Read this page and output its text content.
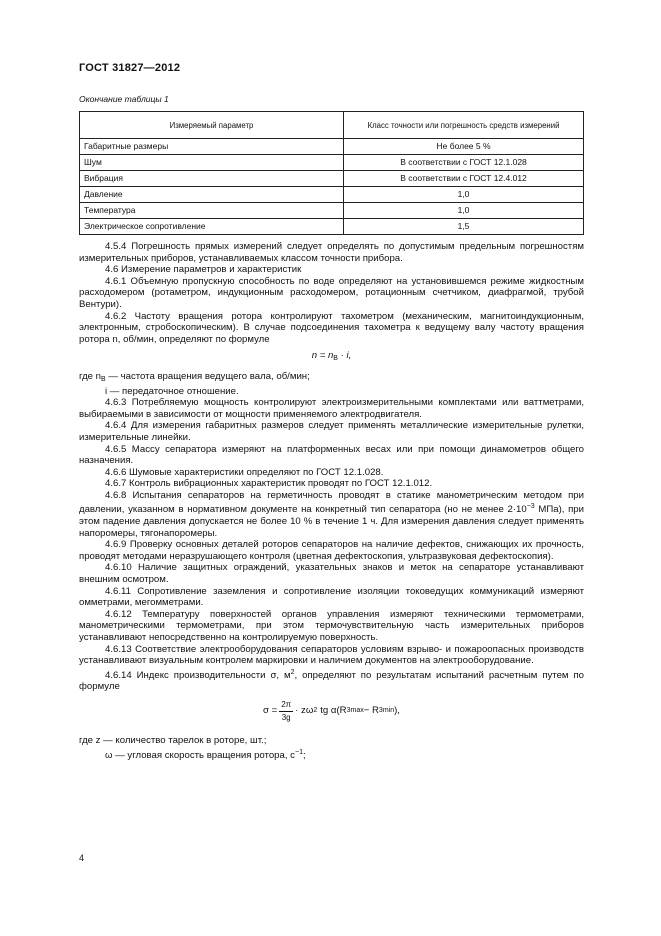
ГОСТ 31827—2012
Окончание таблицы 1
Измеряемый параметр	Класс точности или погрешность средств измерений
Габаритные размеры	Не более 5 %
Шум	В соответствии с ГОСТ 12.1.028
Вибрация	В соответствии с ГОСТ 12.4.012
Давление	1,0
Температура	1,0
Электрическое сопротивление	1,5

4.5.4 Погрешность прямых измерений следует определять по допустимым предельным погрешностям измерительных приборов, устанавливаемых классом точности прибора.

4.6 Измерение параметров и характеристик

4.6.1 Объемную пропускную способность по воде определяют на установившемся режиме жидкостным расходомером (ротаметром, индукционным расходомером, ротационным счетчиком, диафрагмой, трубой Вентури).

4.6.2 Частоту вращения ротора контролируют тахометром (механическим, магнитоиндукционным, электронным, стробоскопическим). В случае подсоединения тахометра к ведущему валу частоту вращения ротора n, об/мин, определяют по формуле

$n = n_В \cdot i$,

где $n_В$ — частота вращения ведущего вала, об/мин;

i — передаточное отношение.

4.6.3 Потребляемую мощность контролируют электроизмерительными комплектами или ваттметрами, выбираемыми в зависимости от мощности применяемого электродвигателя.

4.6.4 Для измерения габаритных размеров следует применять металлические измерительные рулетки, измерительные линейки.

4.6.5 Массу сепаратора измеряют на платформенных весах или при помощи динамометров общего назначения.

4.6.6 Шумовые характеристики определяют по ГОСТ 12.1.028.

4.6.7 Контроль вибрационных характеристик проводят по ГОСТ 12.1.012.

4.6.8 Испытания сепараторов на герметичность проводят в статике манометрическим методом при давлении, указанном в нормативном документе на конкретный тип сепаратора (но не менее $2\cdot 10^{-3}$ МПа), при этом падение давления допускается не более 10 % в течение 1 ч. Для измерения давления следует применять напоромеры, тягонапоромеры.

4.6.9 Проверку основных деталей роторов сепараторов на наличие дефектов, снижающих их прочность, проводят методами неразрушающего контроля (цветная дефектоскопия, ультразвуковая дефектоскопия).

4.6.10 Наличие защитных ограждений, указательных знаков и меток на сепараторе устанавливают внешним осмотром.

4.6.11 Сопротивление заземления и сопротивление изоляции токоведущих коммуникаций измеряют омметрами, мегомметрами.

4.6.12 Температуру поверхностей органов управления измеряют техническими термометрами, манометрическими термометрами, при этом термочувствительную часть измерительных приборов устанавливают непосредственно на контролируемую поверхность.

4.6.13 Соответствие электрооборудования сепараторов условиям взрыво- и пожароопасных производств устанавливают визуальным контролем маркировки и наличием документов на электрооборудование.

4.6.14 Индекс производительности σ, $м^2$, определяют по результатам испытаний расчетным путем по формуле

$\sigma = \frac{2\pi}{3g} \cdot z\omega$ 2 tg α(R 3 max − R 3 min ),

где z — количество тарелок в роторе, шт.;

ω — угловая скорость вращения ротора, $с^{-1}$;

4
